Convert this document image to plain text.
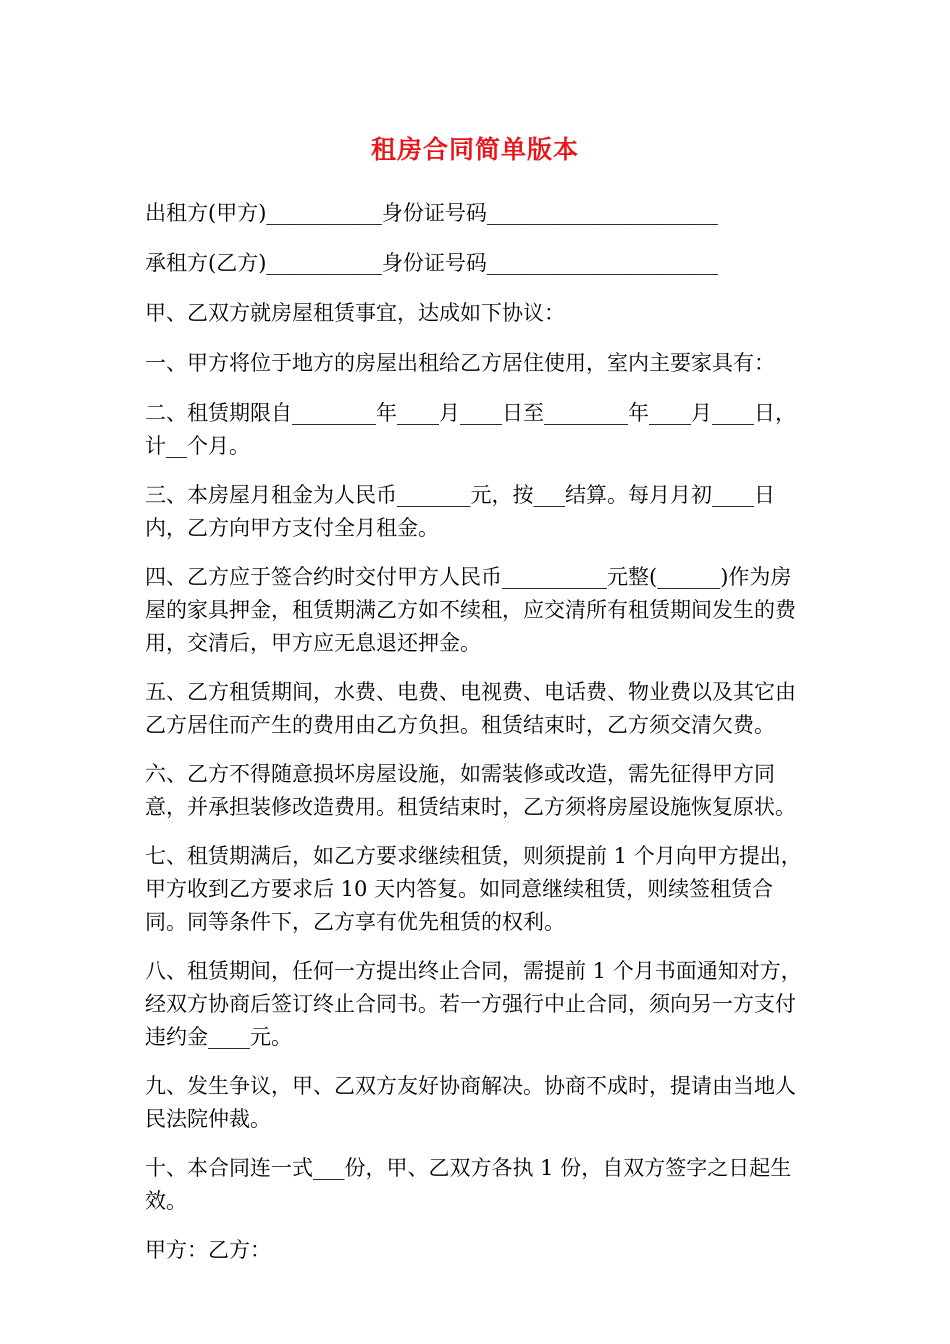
租房合同简单版本

出租方(甲方)___________身份证号码______________________

承租方(乙方)___________身份证号码______________________

甲、乙双方就房屋租赁事宜，达成如下协议：

一、甲方将位于地方的房屋出租给乙方居住使用，室内主要家具有：

二、租赁期限自________年____月____日至________年____月____日，计__个月。

三、本房屋月租金为人民币_______元，按___结算。每月月初____日内，乙方向甲方支付全月租金。

四、乙方应于签合约时交付甲方人民币__________元整(______)作为房屋的家具押金，租赁期满乙方如不续租，应交清所有租赁期间发生的费用，交清后，甲方应无息退还押金。

五、乙方租赁期间，水费、电费、电视费、电话费、物业费以及其它由乙方居住而产生的费用由乙方负担。租赁结束时，乙方须交清欠费。

六、乙方不得随意损坏房屋设施，如需装修或改造，需先征得甲方同意，并承担装修改造费用。租赁结束时，乙方须将房屋设施恢复原状。

七、租赁期满后，如乙方要求继续租赁，则须提前 1 个月向甲方提出，甲方收到乙方要求后 10 天内答复。如同意继续租赁，则续签租赁合同。同等条件下，乙方享有优先租赁的权利。

八、租赁期间，任何一方提出终止合同，需提前 1 个月书面通知对方，经双方协商后签订终止合同书。若一方强行中止合同，须向另一方支付违约金____元。

九、发生争议，甲、乙双方友好协商解决。协商不成时，提请由当地人民法院仲裁。

十、本合同连一式___份，甲、乙双方各执 1 份，自双方签字之日起生效。

甲方：乙方：
